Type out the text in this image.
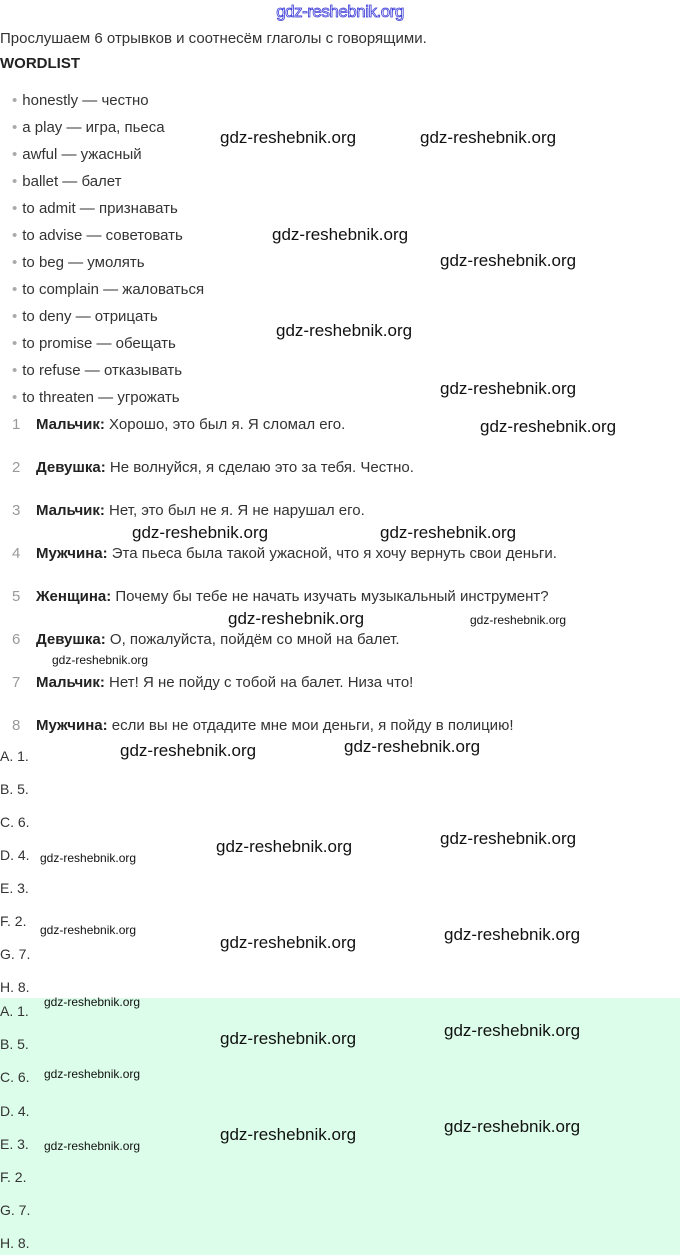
gdz-reshebnik.org
Прослушаем 6 отрывков и соотнесём глаголы с говорящими.
WORDLIST
• honestly — честно
• a play — игра, пьеса
• awful — ужасный
• ballet — балет
• to admit — признавать
• to advise — советовать
• to beg — умолять
• to complain — жаловаться
• to deny — отрицать
• to promise — обещать
• to refuse — отказывать
• to threaten — угрожать
1 Мальчик: Хорошо, это был я. Я сломал его.
2 Девушка: Не волнуйся, я сделаю это за тебя. Честно.
3 Мальчик: Нет, это был не я. Я не нарушал его.
4 Мужчина: Эта пьеса была такой ужасной, что я хочу вернуть свои деньги.
5 Женщина: Почему бы тебе не начать изучать музыкальный инструмент?
6 Девушка: О, пожалуйста, пойдём со мной на балет.
7 Мальчик: Нет! Я не пойду с тобой на балет. Низа что!
8 Мужчина: если вы не отдадите мне мои деньги, я пойду в полицию!
A. 1.
B. 5.
C. 6.
D. 4.
E. 3.
F. 2.
G. 7.
H. 8.
A. 1.
B. 5.
C. 6.
D. 4.
E. 3.
F. 2.
G. 7.
H. 8.
gdz-reshebnik.org	gdz-reshebnik.org
gdz-reshebnik.org
gdz-reshebnik.org
gdz-reshebnik.org
gdz-reshebnik.org
gdz-reshebnik.org
gdz-reshebnik.org	gdz-reshebnik.org
gdz-reshebnik.org	gdz-reshebnik.org
gdz-reshebnik.org
gdz-reshebnik.org	gdz-reshebnik.org
gdz-reshebnik.org	gdz-reshebnik.org
gdz-reshebnik.org
gdz-reshebnik.org
gdz-reshebnik.org	gdz-reshebnik.org
gdz-reshebnik.org
gdz-reshebnik.org	gdz-reshebnik.org
gdz-reshebnik.org
gdz-reshebnik.org	gdz-reshebnik.org
gdz-reshebnik.org
